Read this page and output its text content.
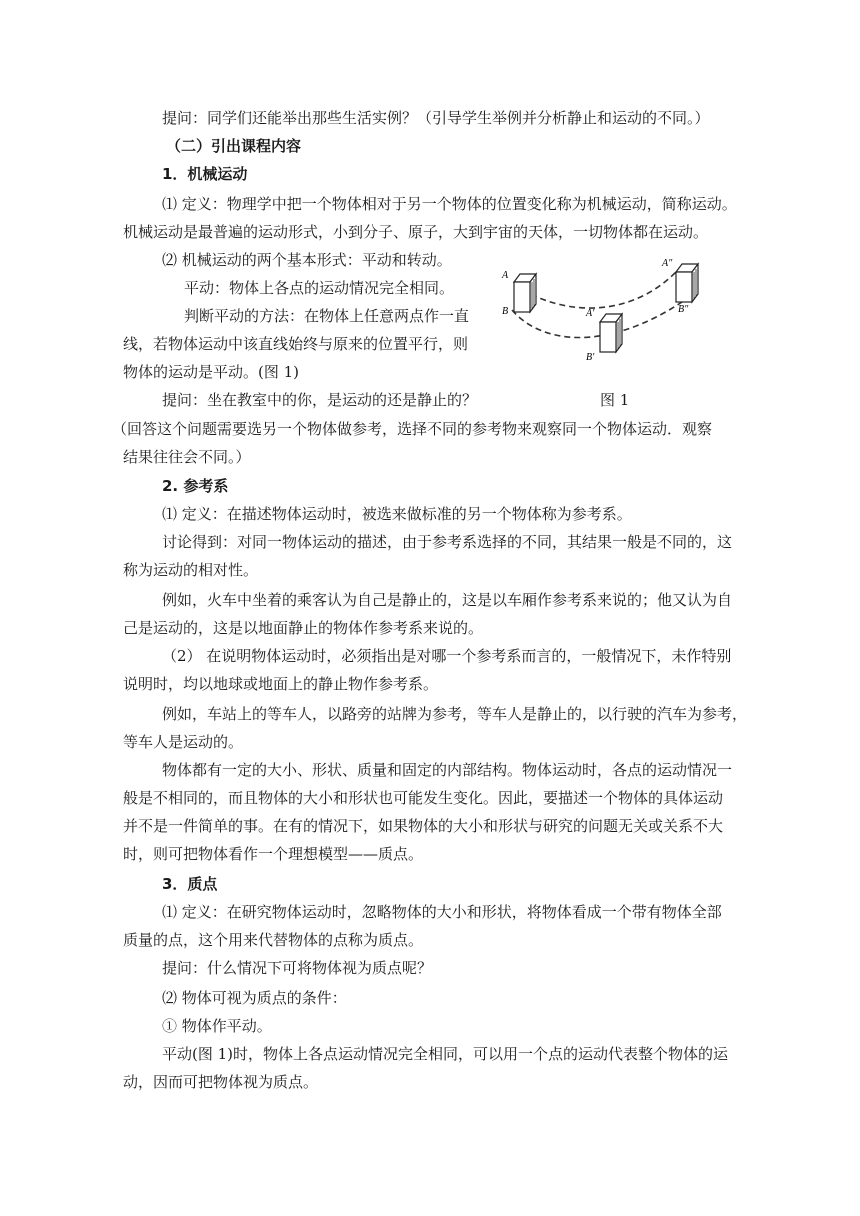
提问：同学们还能举出那些生活实例？（引导学生举例并分析静止和运动的不同。）
（二）引出课程内容
1．机械运动
⑴ 定义：物理学中把一个物体相对于另一个物体的位置变化称为机械运动，简称运动。
机械运动是最普遍的运动形式，小到分子、原子，大到宇宙的天体，一切物体都在运动。
⑵ 机械运动的两个基本形式：平动和转动。
平动：物体上各点的运动情况完全相同。
判断平动的方法：在物体上任意两点作一直
线，若物体运动中该直线始终与原来的位置平行，则
物体的运动是平动。(图 1)
提问：坐在教室中的你，是运动的还是静止的？	图 1
（回答这个问题需要选另一个物体做参考，选择不同的参考物来观察同一个物体运动．观察
结果往往会不同。）
2. 参考系
⑴ 定义：在描述物体运动时，被选来做标准的另一个物体称为参考系。
讨论得到：对同一物体运动的描述，由于参考系选择的不同，其结果一般是不同的，这
称为运动的相对性。
例如，火车中坐着的乘客认为自己是静止的，这是以车厢作参考系来说的；他又认为自
己是运动的，这是以地面静止的物体作参考系来说的。
（2） 在说明物体运动时，必须指出是对哪一个参考系而言的，一般情况下，未作特别
说明时，均以地球或地面上的静止物作参考系。
例如，车站上的等车人，以路旁的站牌为参考，等车人是静止的，以行驶的汽车为参考，
等车人是运动的。
物体都有一定的大小、形状、质量和固定的内部结构。物体运动时，各点的运动情况一
般是不相同的，而且物体的大小和形状也可能发生变化。因此，要描述一个物体的具体运动
并不是一件简单的事。在有的情况下，如果物体的大小和形状与研究的问题无关或关系不大
时，则可把物体看作一个理想模型——质点。
3．质点
⑴ 定义：在研究物体运动时，忽略物体的大小和形状，将物体看成一个带有物体全部
质量的点，这个用来代替物体的点称为质点。
提问：什么情况下可将物体视为质点呢？
⑵ 物体可视为质点的条件：
① 物体作平动。
平动(图 1)时，物体上各点运动情况完全相同，可以用一个点的运动代表整个物体的运
动，因而可把物体视为质点。
A
B	A'
B'
A"
B"
